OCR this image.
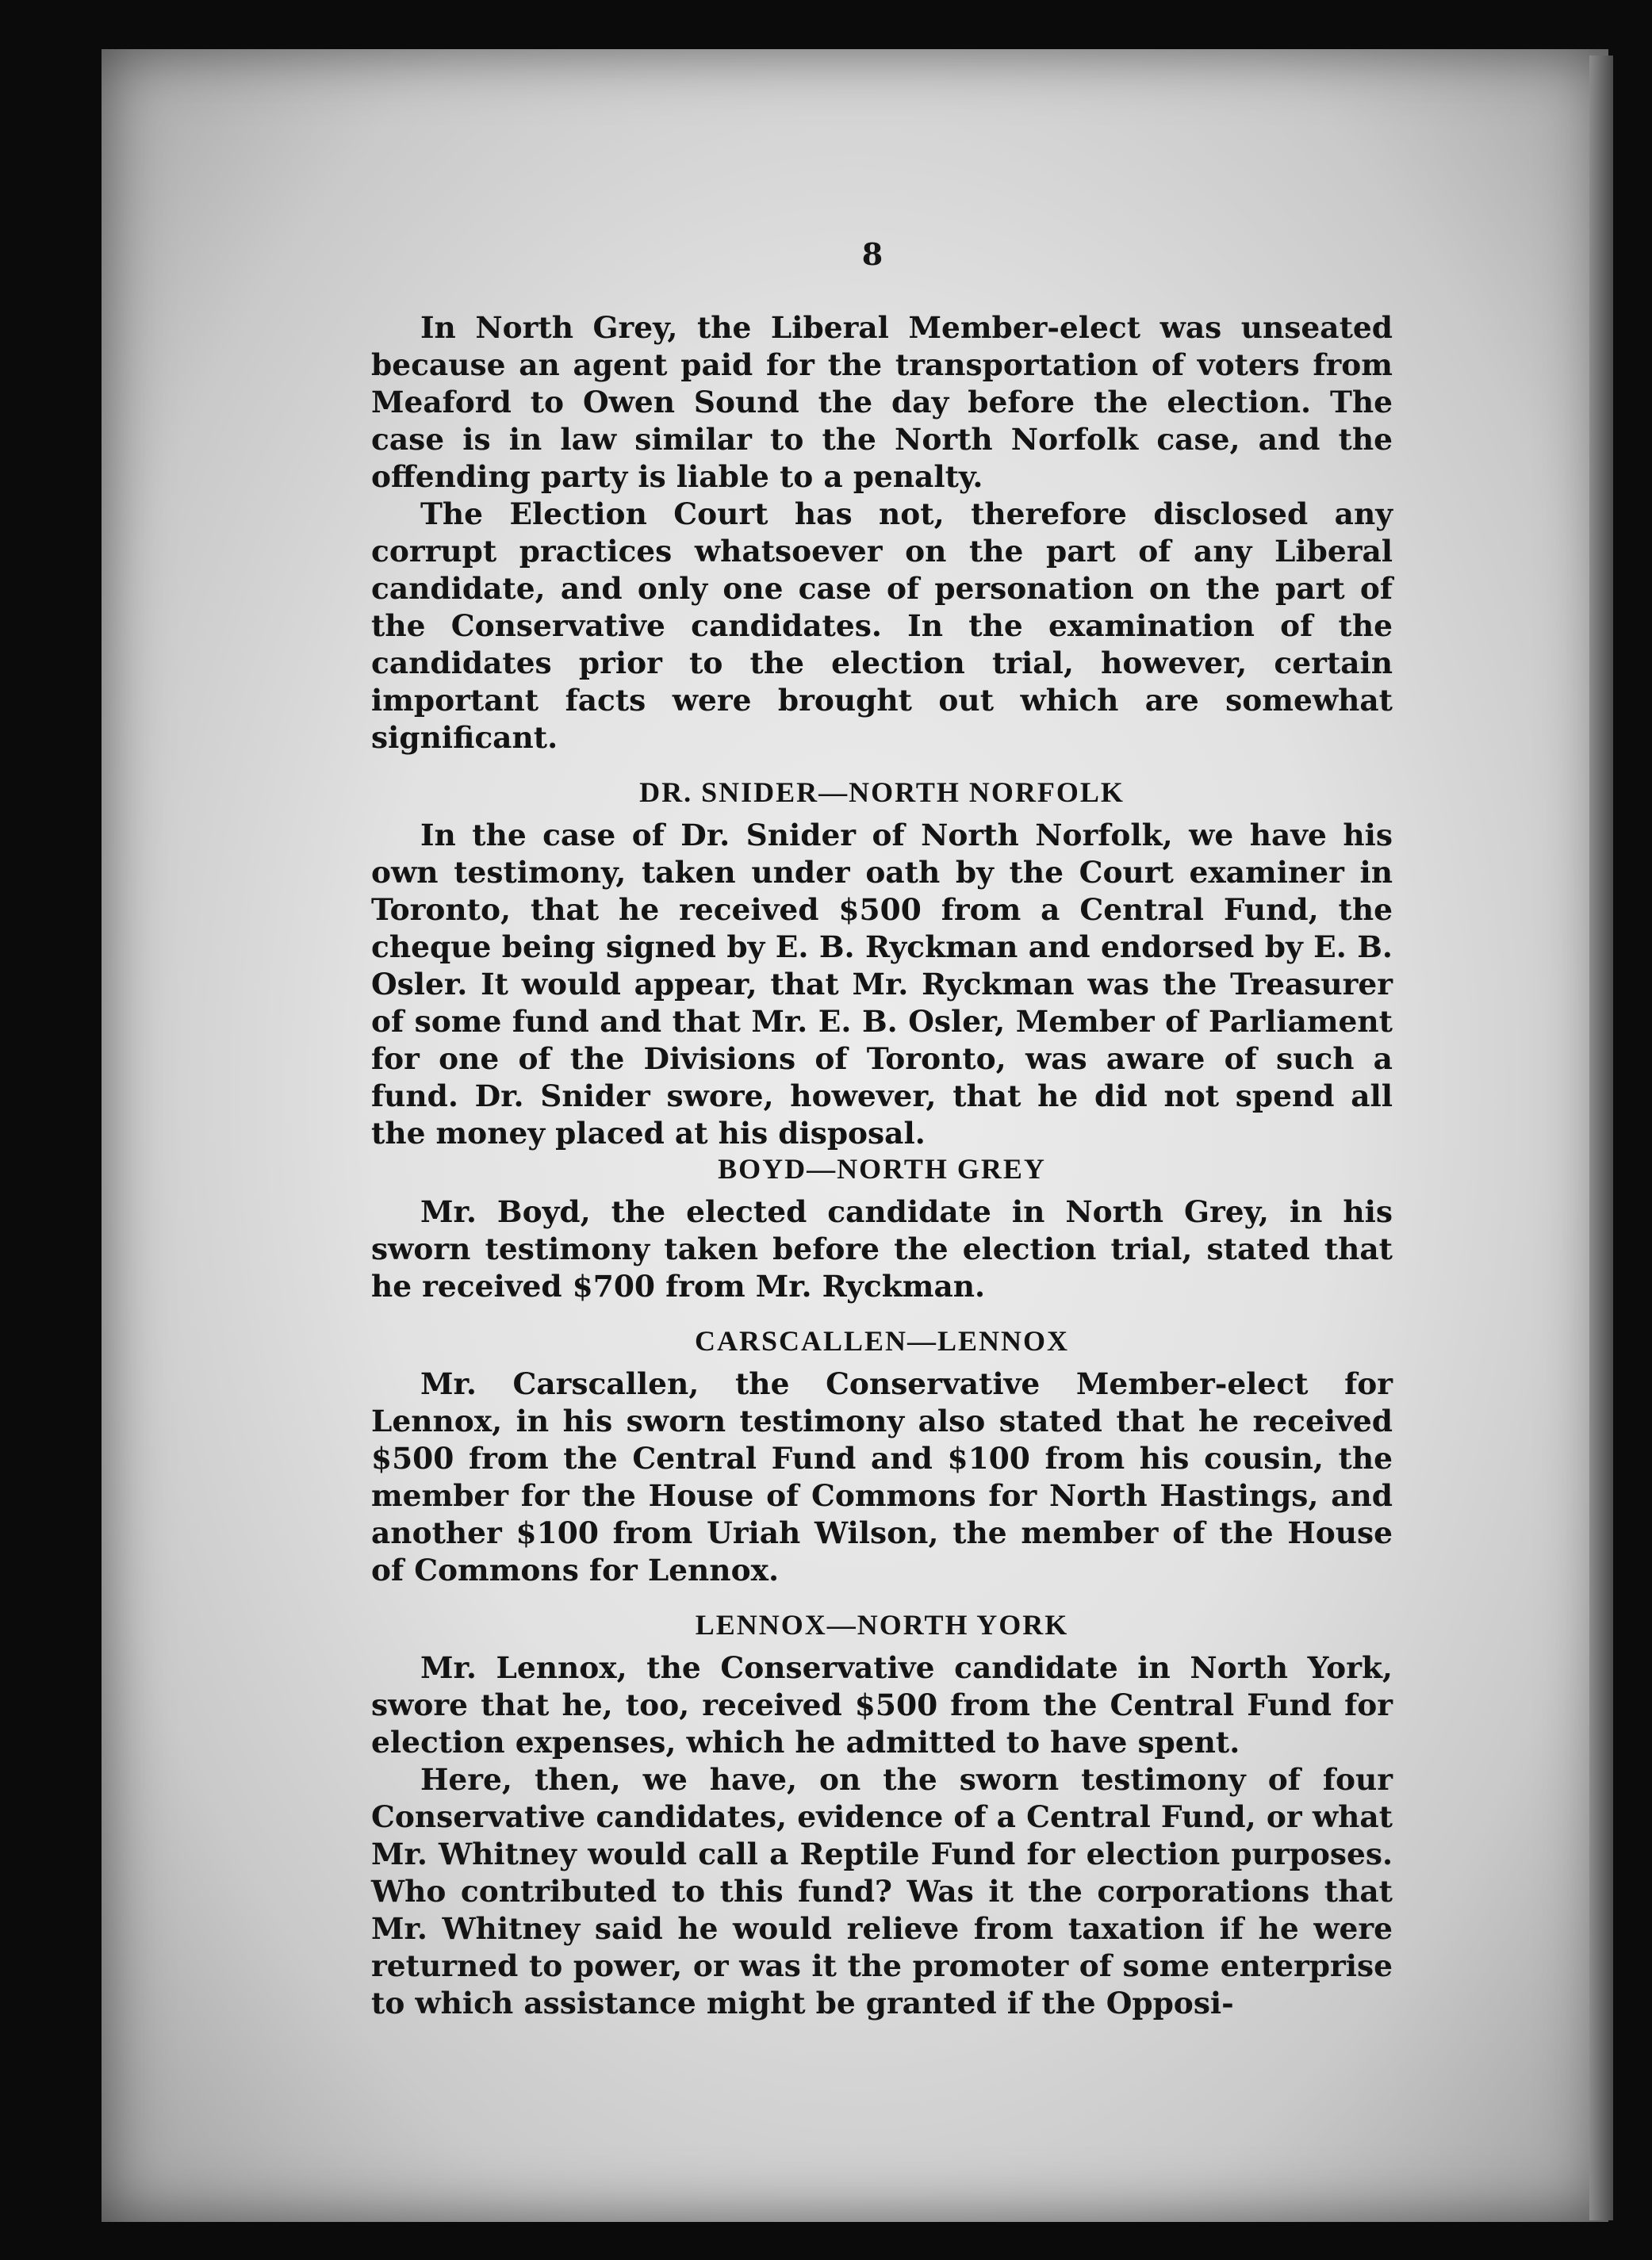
8

In North Grey, the Liberal Member-elect was unseated because an agent paid for the transportation of voters from Meaford to Owen Sound the day before the election. The case is in law similar to the North Norfolk case, and the offending party is liable to a penalty.

The Election Court has not, therefore disclosed any corrupt practices whatsoever on the part of any Liberal candidate, and only one case of personation on the part of the Conservative candidates. In the examination of the candidates prior to the election trial, however, certain important facts were brought out which are somewhat significant.

DR. SNIDER—NORTH NORFOLK

In the case of Dr. Snider of North Norfolk, we have his own testimony, taken under oath by the Court examiner in Toronto, that he received $500 from a Central Fund, the cheque being signed by E. B. Ryckman and endorsed by E. B. Osler. It would appear, that Mr. Ryckman was the Treasurer of some fund and that Mr. E. B. Osler, Member of Parliament for one of the Divisions of Toronto, was aware of such a fund. Dr. Snider swore, however, that he did not spend all the money placed at his disposal.

BOYD—NORTH GREY

Mr. Boyd, the elected candidate in North Grey, in his sworn testimony taken before the election trial, stated that he received $700 from Mr. Ryckman.

CARSCALLEN—LENNOX

Mr. Carscallen, the Conservative Member-elect for Lennox, in his sworn testimony also stated that he received $500 from the Central Fund and $100 from his cousin, the member for the House of Commons for North Hastings, and another $100 from Uriah Wilson, the member of the House of Commons for Lennox.

LENNOX—NORTH YORK

Mr. Lennox, the Conservative candidate in North York, swore that he, too, received $500 from the Central Fund for election expenses, which he admitted to have spent.

Here, then, we have, on the sworn testimony of four Conservative candidates, evidence of a Central Fund, or what Mr. Whitney would call a Reptile Fund for election purposes. Who contributed to this fund? Was it the corporations that Mr. Whitney said he would relieve from taxation if he were returned to power, or was it the promoter of some enterprise to which assistance might be granted if the Opposi-
